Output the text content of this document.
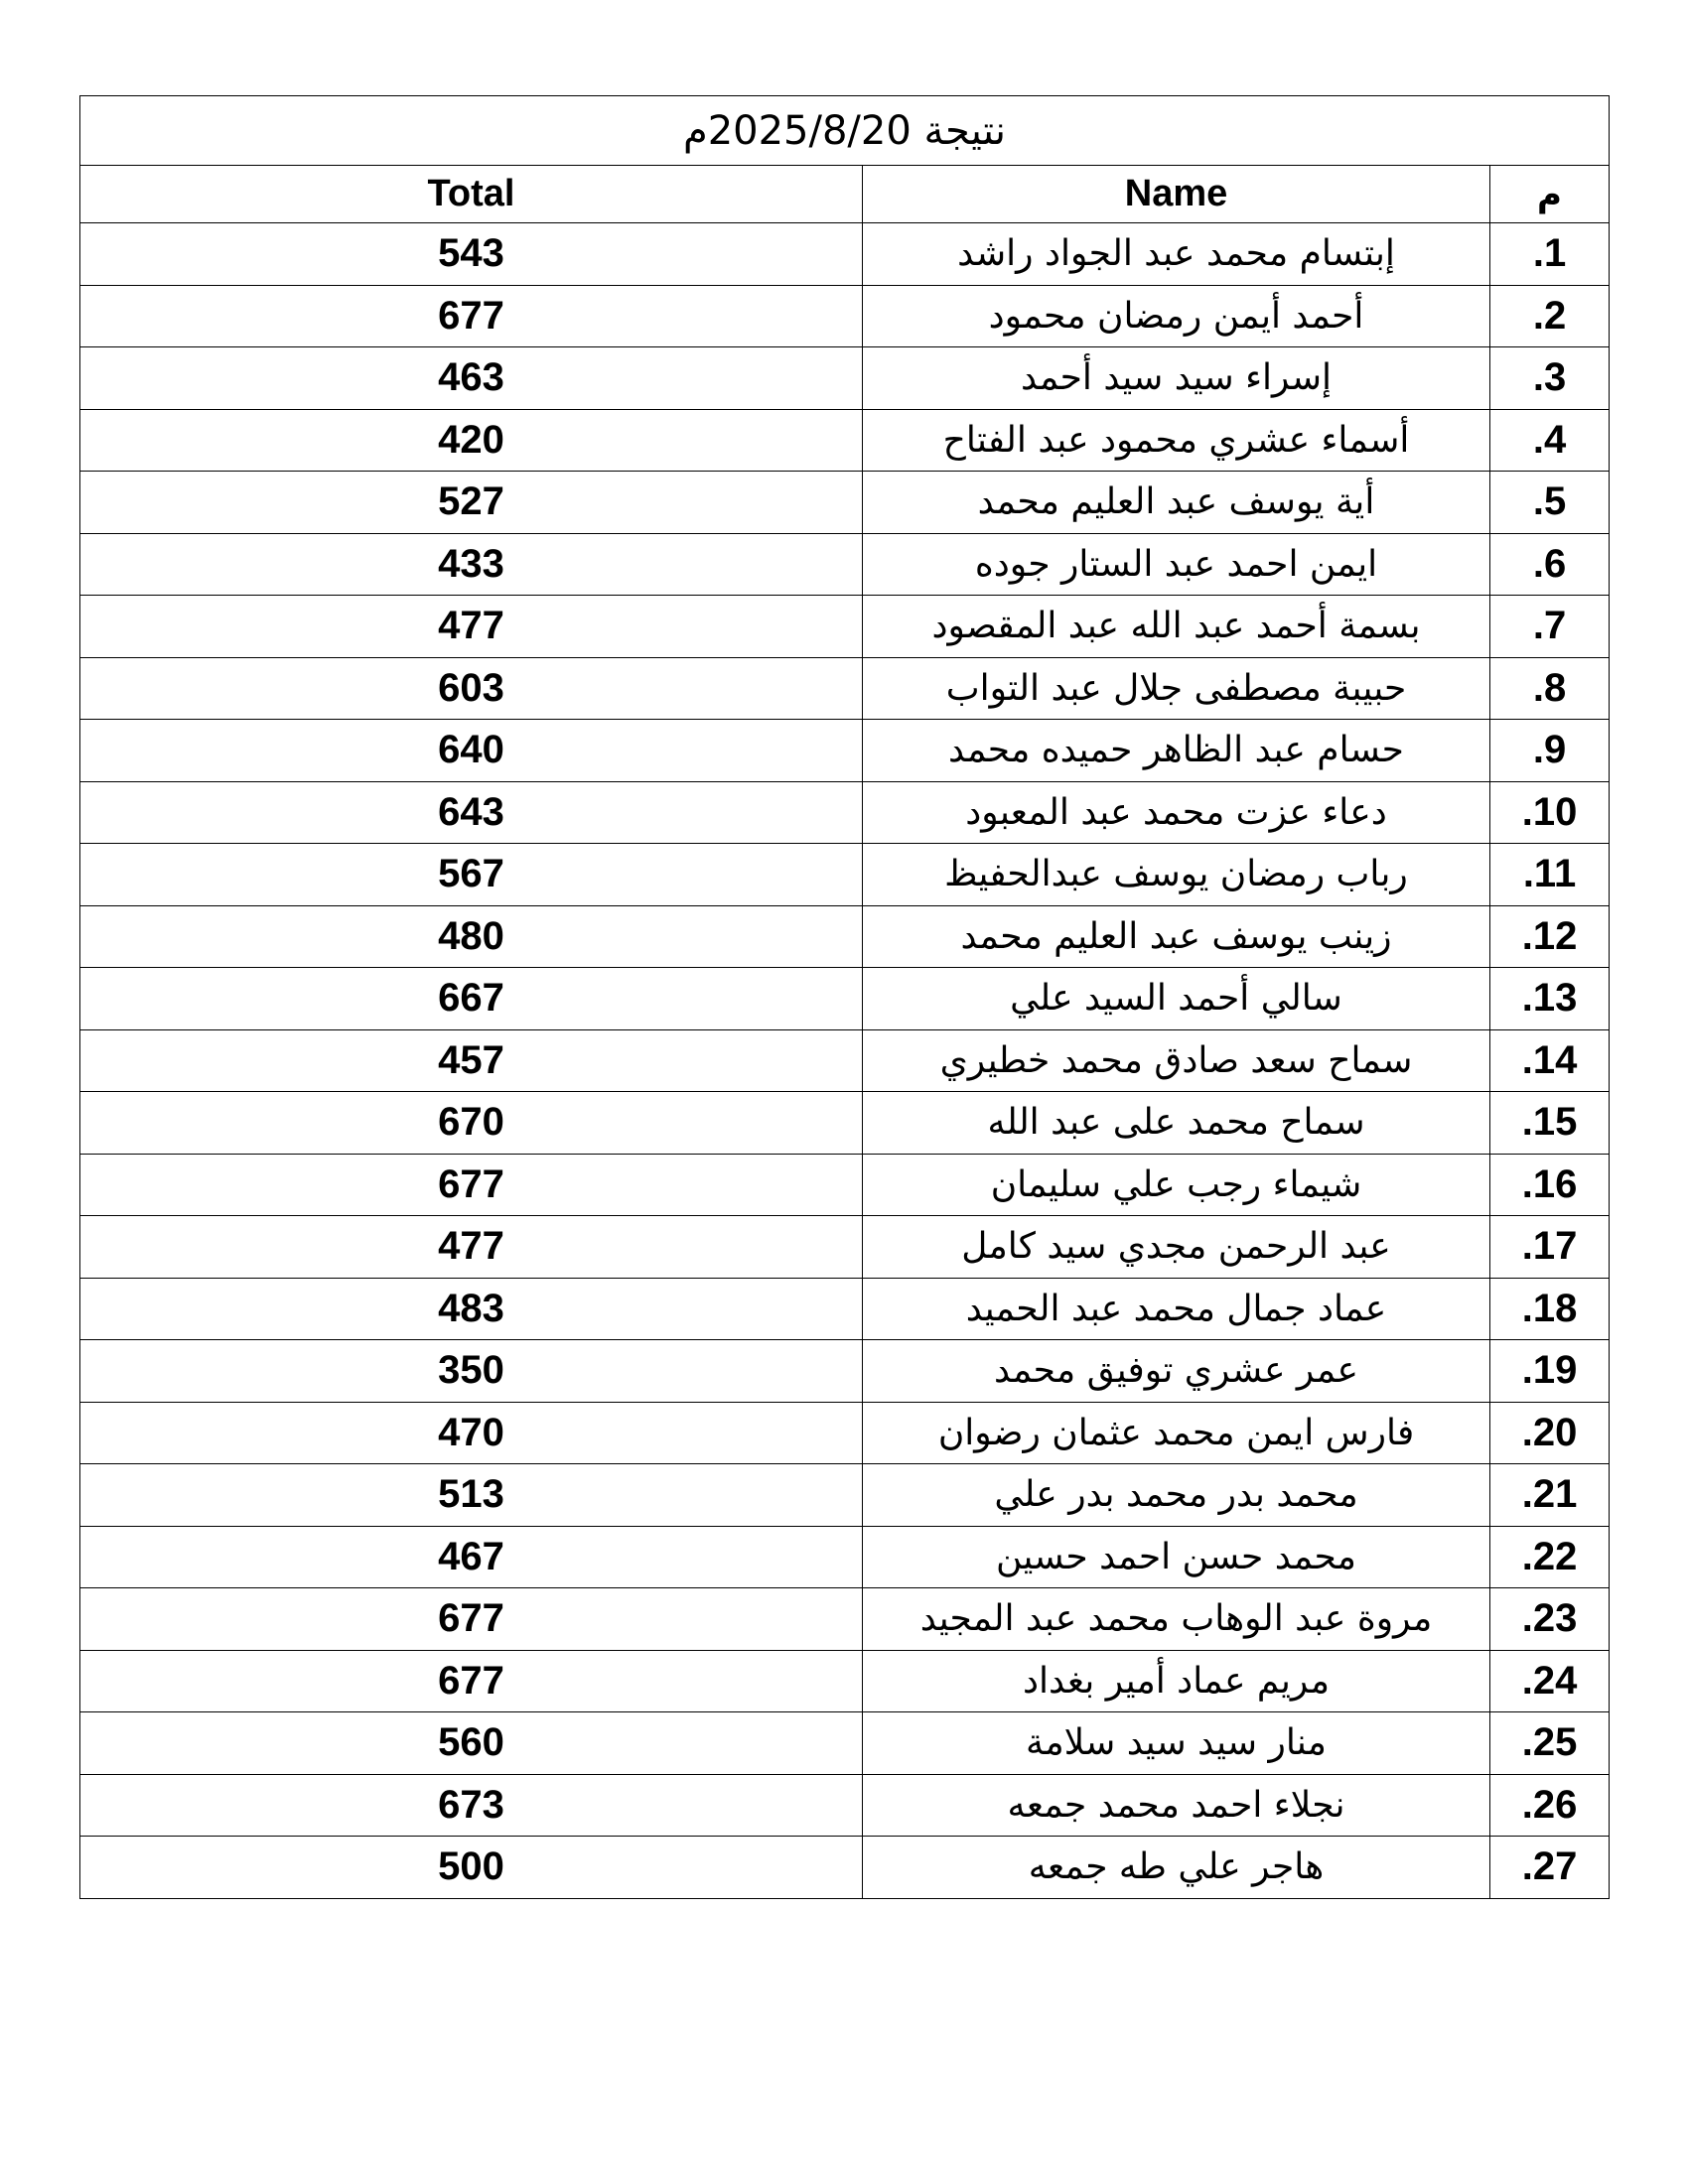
نتيجة 2025/8/20م		
Total	Name	م
543	إبتسام محمد عبد الجواد راشد	.1
677	أحمد أيمن رمضان محمود	.2
463	إسراء سيد سيد أحمد	.3
420	أسماء عشري محمود عبد الفتاح	.4
527	أية يوسف عبد العليم محمد	.5
433	ايمن احمد عبد الستار جوده	.6
477	بسمة أحمد عبد الله عبد المقصود	.7
603	حبيبة مصطفى جلال عبد التواب	.8
640	حسام عبد الظاهر حميده محمد	.9
643	دعاء عزت محمد عبد المعبود	.10
567	رباب رمضان يوسف عبدالحفيظ	.11
480	زينب يوسف عبد العليم محمد	.12
667	سالي أحمد السيد علي	.13
457	سماح سعد صادق محمد خطيري	.14
670	سماح محمد على عبد الله	.15
677	شيماء رجب علي سليمان	.16
477	عبد الرحمن مجدي سيد كامل	.17
483	عماد جمال محمد عبد الحميد	.18
350	عمر عشري توفيق محمد	.19
470	فارس ايمن محمد عثمان رضوان	.20
513	محمد بدر محمد بدر علي	.21
467	محمد حسن احمد حسين	.22
677	مروة عبد الوهاب محمد عبد المجيد	.23
677	مريم عماد أمير بغداد	.24
560	منار سيد سيد سلامة	.25
673	نجلاء احمد محمد جمعه	.26
500	هاجر علي طه جمعه	.27
